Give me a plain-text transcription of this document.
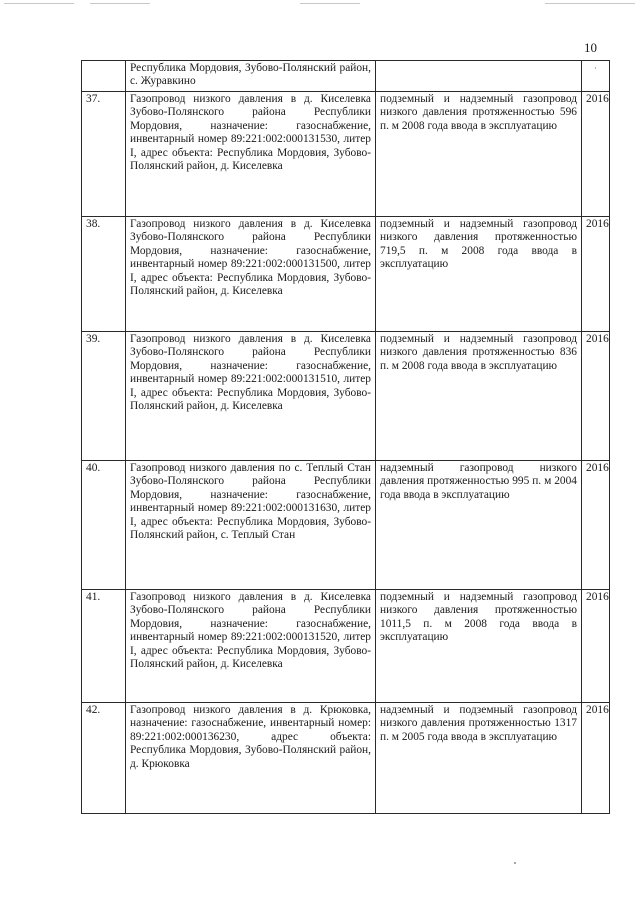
10
	Республика Мордовия, Зубово-Полянский район, с. Журавкино		·
37.	Газопровод низкого давления в д. Киселевка Зубово-Полянского района Республики Мордовия, назначение: газоснабжение, инвентарный номер 89:221:002:000131530, литер I, адрес объекта: Республика Мордовия, Зубово-Полянский район, д. Киселевка	подземный и надземный газопровод низкого давления протяженностью 596 п. м 2008 года ввода в эксплуатацию	2016
38.	Газопровод низкого давления в д. Киселевка Зубово-Полянского района Республики Мордовия, назначение: газоснабжение, инвентарный номер 89:221:002:000131500, литер I, адрес объекта: Республика Мордовия, Зубово-Полянский район, д. Киселевка	подземный и надземный газопровод низкого давления протяженностью 719,5 п. м 2008 года ввода в эксплуатацию	2016
39.	Газопровод низкого давления в д. Киселевка Зубово-Полянского района Республики Мордовия, назначение: газоснабжение, инвентарный номер 89:221:002:000131510, литер I, адрес объекта: Республика Мордовия, Зубово-Полянский район, д. Киселевка	подземный и надземный газопровод низкого давления протяженностью 836 п. м 2008 года ввода в эксплуатацию	2016
40.	Газопровод низкого давления по с. Теплый Стан Зубово-Полянского района Республики Мордовия, назначение: газоснабжение, инвентарный номер 89:221:002:000131630, литер I, адрес объекта: Республика Мордовия, Зубово-Полянский район, с. Теплый Стан	надземный газопровод низкого давления протяженностью 995 п. м 2004 года ввода в эксплуатацию	2016
41.	Газопровод низкого давления в д. Киселевка Зубово-Полянского района Республики Мордовия, назначение: газоснабжение, инвентарный номер 89:221:002:000131520, литер I, адрес объекта: Республика Мордовия, Зубово-Полянский район, д. Киселевка	подземный и надземный газопровод низкого давления протяженностью 1011,5 п. м 2008 года ввода в эксплуатацию	2016
42.	Газопровод низкого давления в д. Крюковка, назначение: газоснабжение, инвентарный номер: 89:221:002:000136230, адрес объекта: Республика Мордовия, Зубово-Полянский район, д. Крюковка	надземный и подземный газопровод низкого давления протяженностью 1317 п. м 2005 года ввода в эксплуатацию	2016
